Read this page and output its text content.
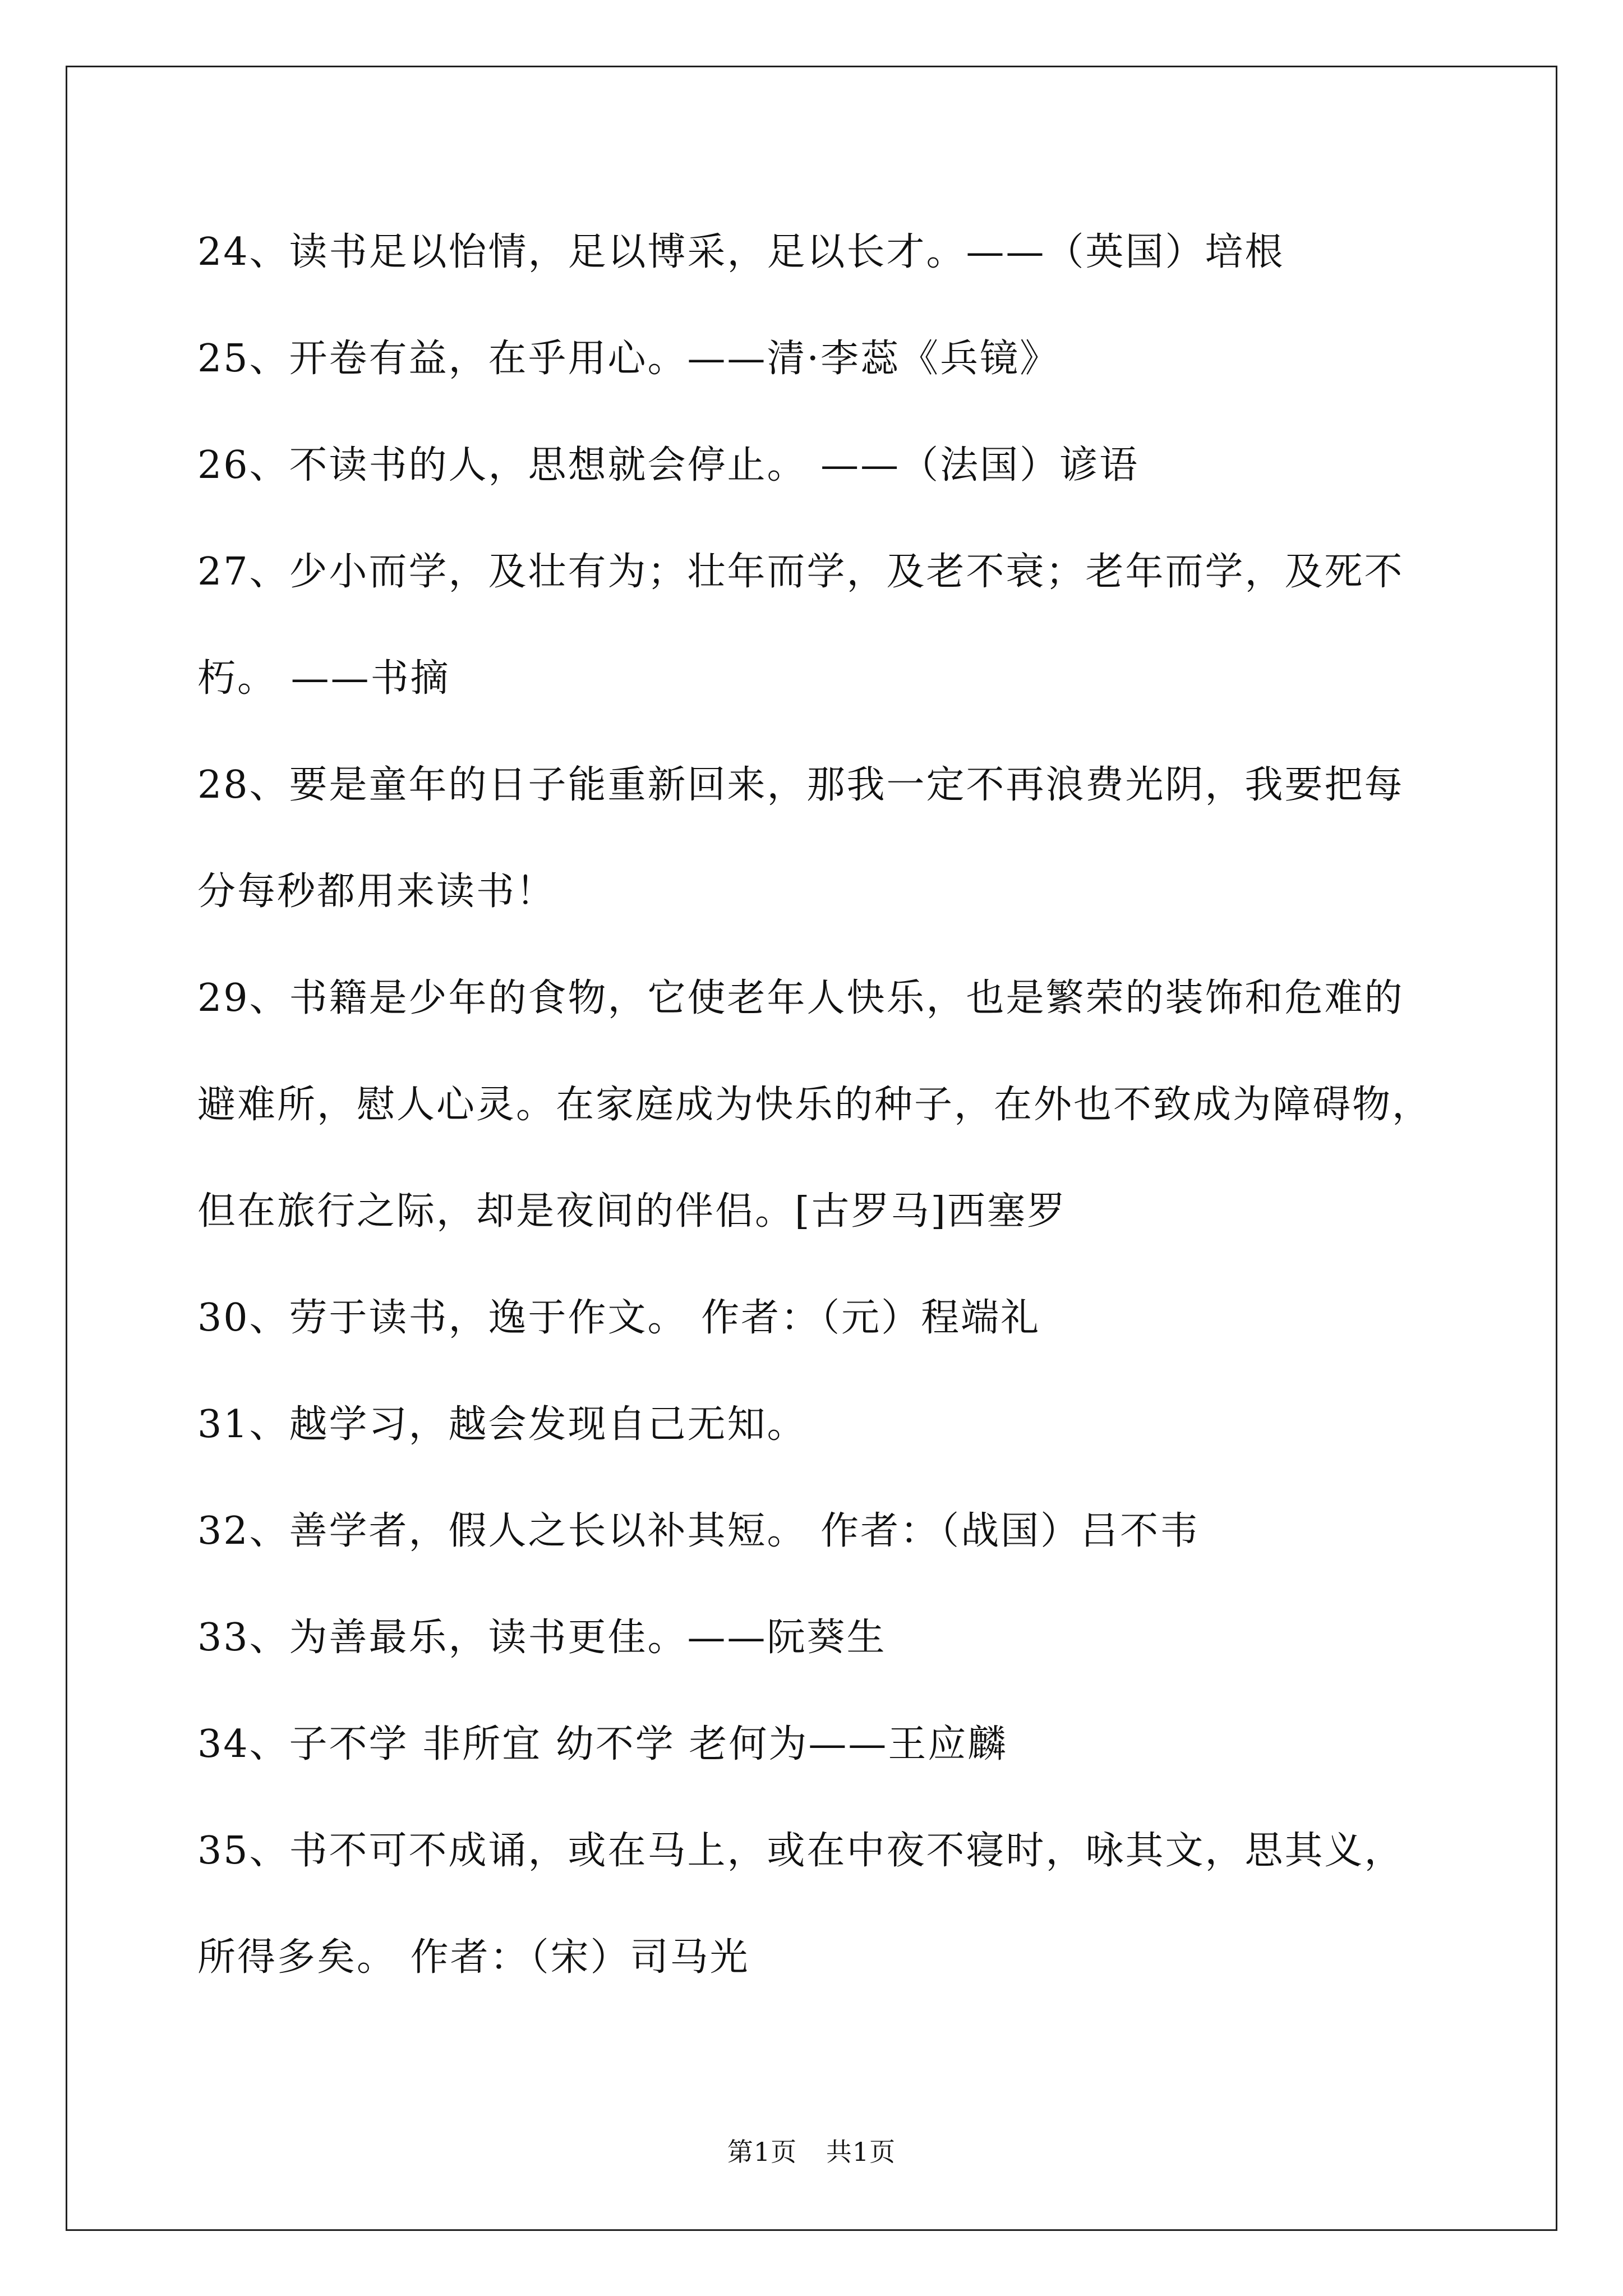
24、读书足以怡情，足以博采，足以长才。——（英国）培根
25、开卷有益，在乎用心。——清·李蕊《兵镜》
26、不读书的人，思想就会停止。 ——（法国）谚语
27、少小而学，及壮有为；壮年而学，及老不衰；老年而学，及死不
朽。 ——书摘
28、要是童年的日子能重新回来，那我一定不再浪费光阴，我要把每
分每秒都用来读书！
29、书籍是少年的食物，它使老年人快乐，也是繁荣的装饰和危难的
避难所，慰人心灵。在家庭成为快乐的种子，在外也不致成为障碍物，
但在旅行之际，却是夜间的伴侣。[古罗马]西塞罗
30、劳于读书，逸于作文。 作者：（元）程端礼
31、越学习，越会发现自己无知。
32、善学者，假人之长以补其短。 作者：（战国）吕不韦
33、为善最乐，读书更佳。——阮葵生
34、子不学 非所宜 幼不学 老何为——王应麟
35、书不可不成诵，或在马上，或在中夜不寝时，咏其文，思其义，
所得多矣。 作者：（宋）司马光
第1页 共1页
